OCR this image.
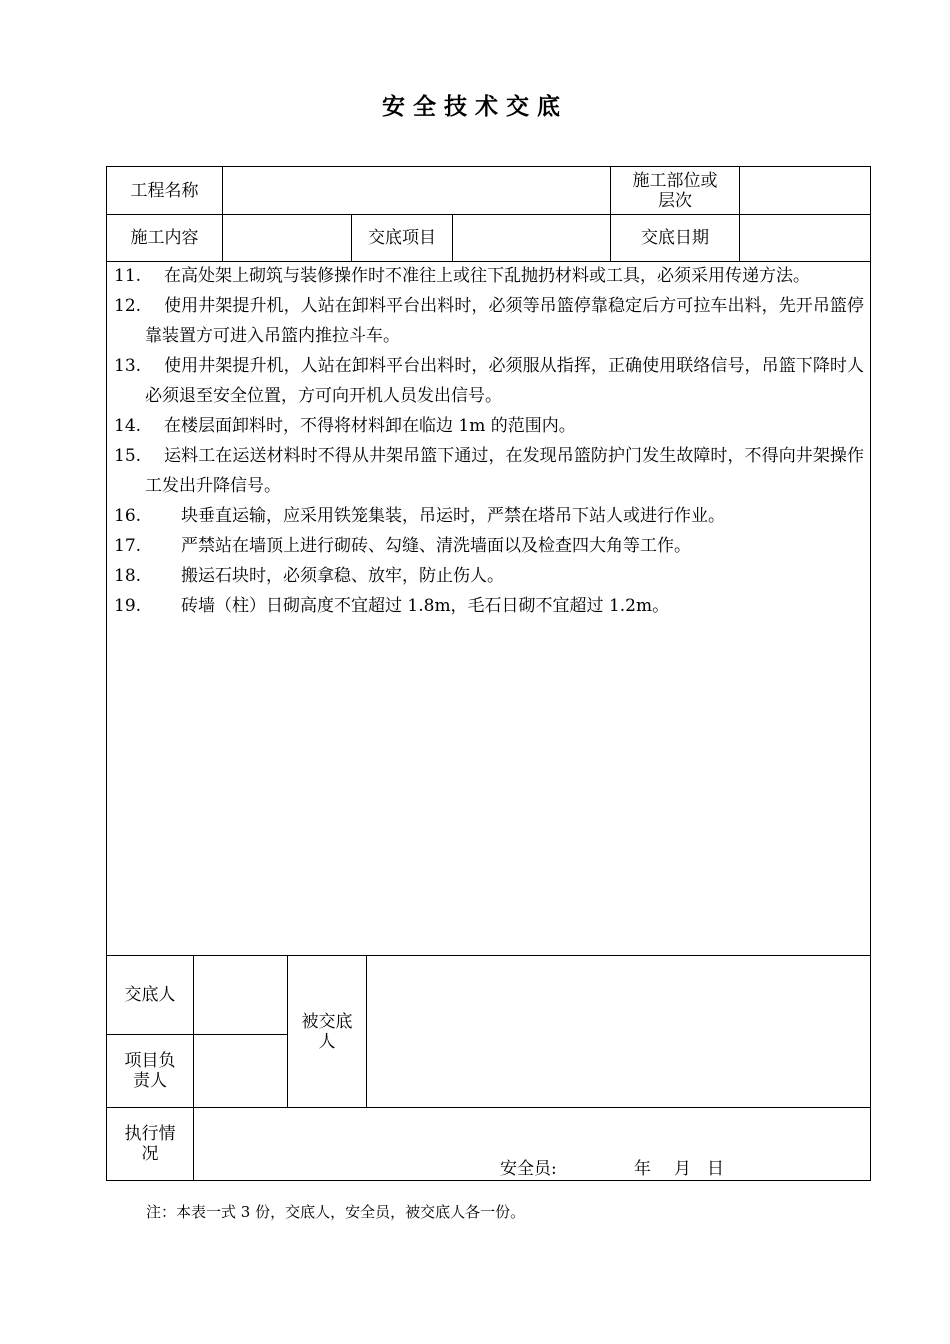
安全技术交底
工程名称	施工部位或层次
施工内容	交底项目	交底日期
11. 在高处架上砌筑与装修操作时不准往上或往下乱抛扔材料或工具，必须采用传递方法。
12. 使用井架提升机，人站在卸料平台出料时，必须等吊篮停靠稳定后方可拉车出料，先开吊篮停靠装置方可进入吊篮内推拉斗车。
13. 使用井架提升机，人站在卸料平台出料时，必须服从指挥，正确使用联络信号，吊篮下降时人必须退至安全位置，方可向开机人员发出信号。
14. 在楼层面卸料时，不得将材料卸在临边 1m 的范围内。
15. 运料工在运送材料时不得从井架吊篮下通过，在发现吊篮防护门发生故障时，不得向井架操作工发出升降信号。
16. 块垂直运输，应采用铁笼集装，吊运时，严禁在塔吊下站人或进行作业。
17. 严禁站在墙顶上进行砌砖、勾缝、清洗墙面以及检查四大角等工作。
18. 搬运石块时，必须拿稳、放牢，防止伤人。
19. 砖墙（柱）日砌高度不宜超过 1.8m，毛石日砌不宜超过 1.2m。
交底人
项目负责人
被交底人
执行情况
安全员:	年 月 日
注：本表一式 3 份，交底人，安全员，被交底人各一份。
